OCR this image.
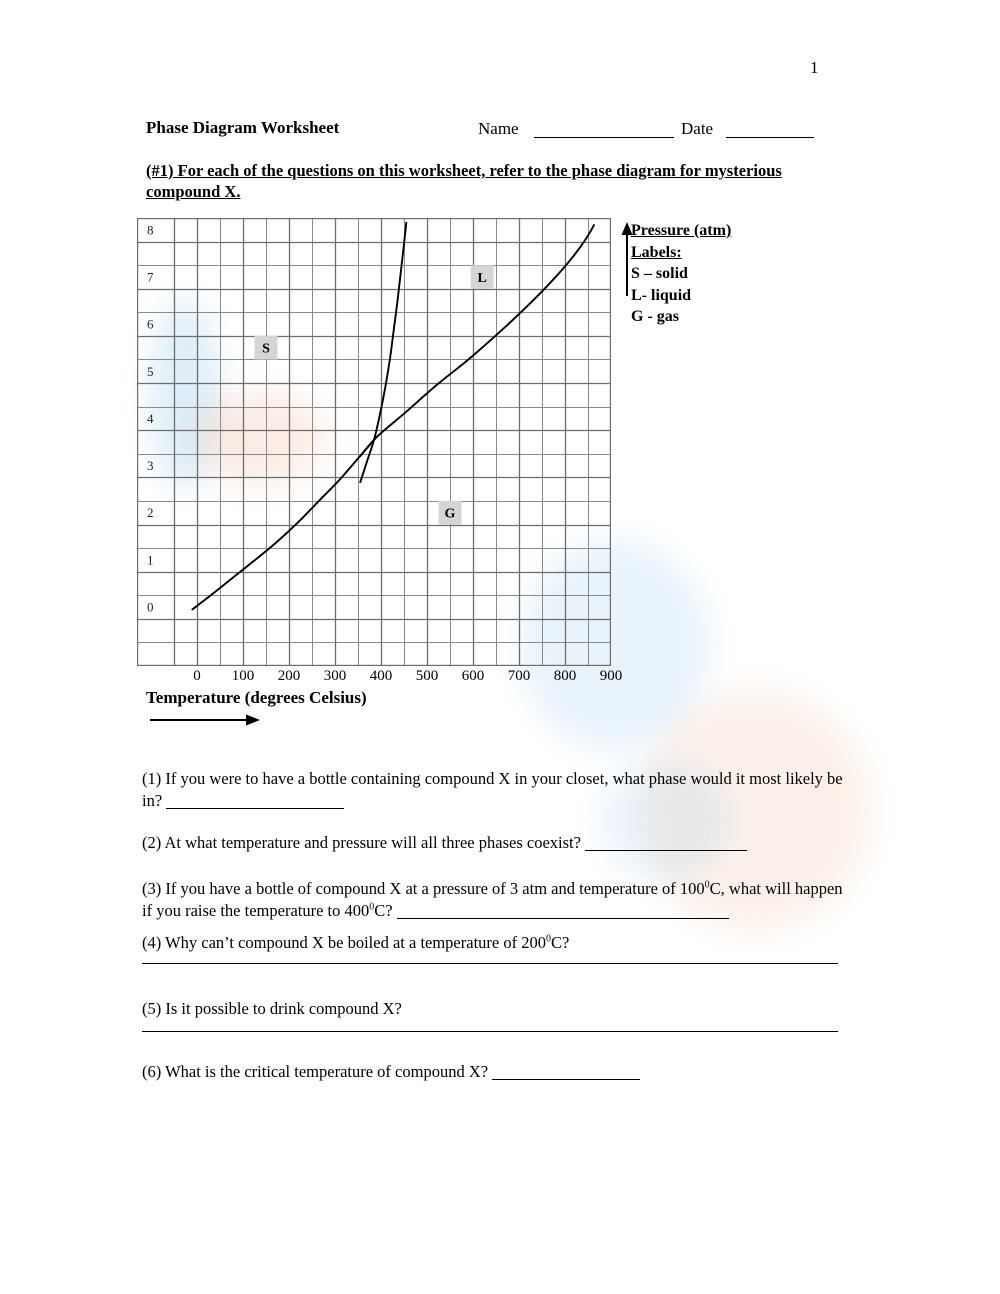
1
Phase Diagram Worksheet	Name	Date
(#1) For each of the questions on this worksheet, refer to the phase diagram for mysterious compound X.
S
L
G
0
1
2
3
4
5
6
7
8
0	100	200	300	400	500	600	700	800	900
Pressure (atm)
Labels:
S – solid
L- liquid
G - gas
Temperature (degrees Celsius)
(1) If you were to have a bottle containing compound X in your closet, what phase would it most likely be in?
(2) At what temperature and pressure will all three phases coexist?
(3) If you have a bottle of compound X at a pressure of 3 atm and temperature of $100^0C$, what will happen if you raise the temperature to $400^0C$?
(4) Why can’t compound X be boiled at a temperature of $200^0C$?
(5) Is it possible to drink compound X?
(6) What is the critical temperature of compound X?
